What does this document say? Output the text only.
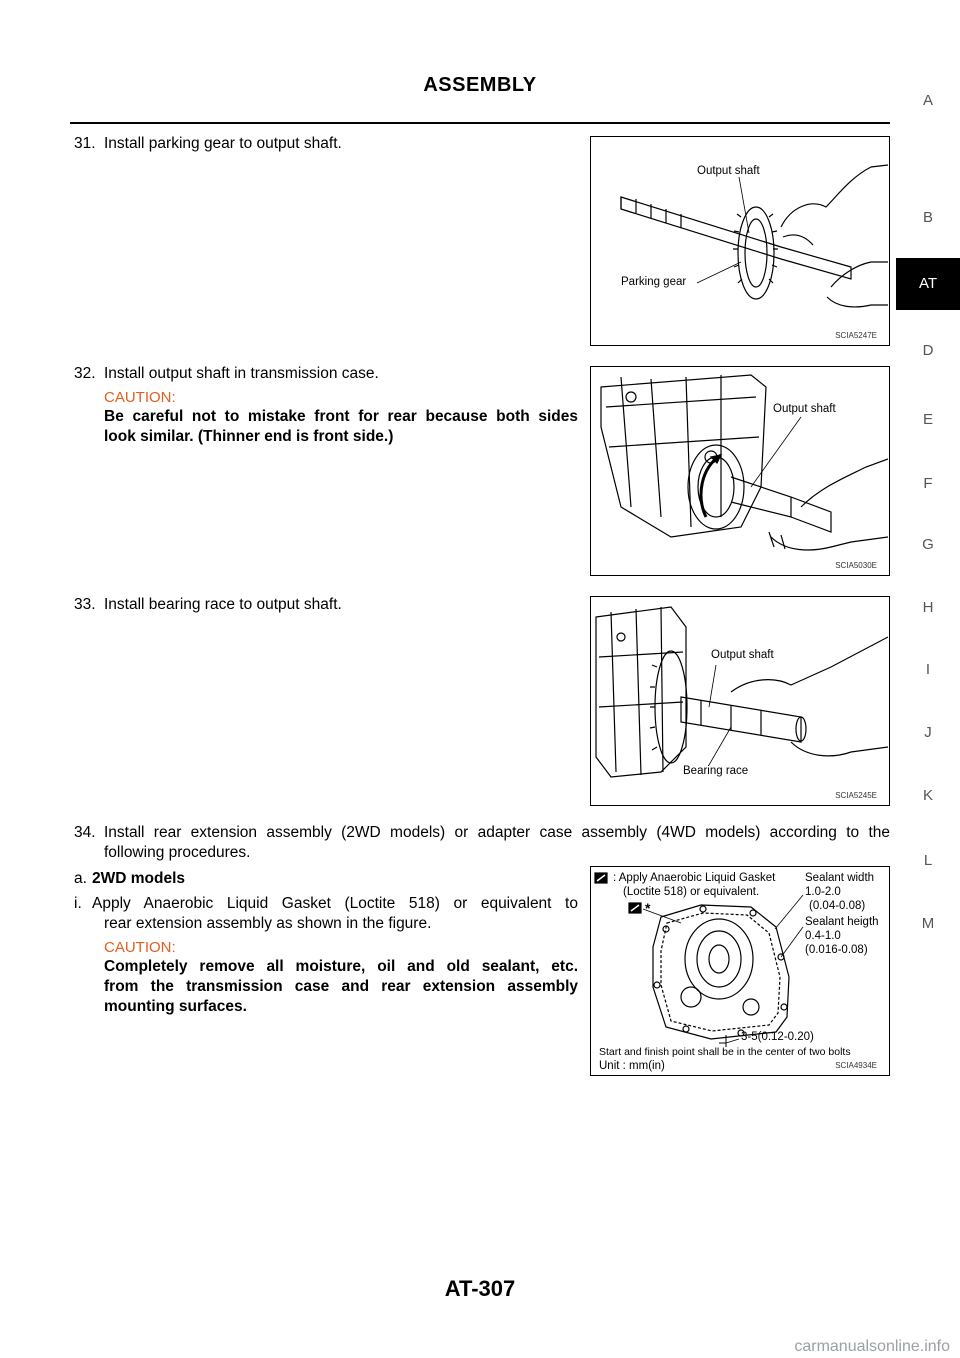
ASSEMBLY
A
B
AT
D
E
F
G
H
I
J
K
L
M
31. Install parking gear to output shaft.
32. Install output shaft in transmission case.
CAUTION:
Be careful not to mistake front for rear because both sides
look similar. (Thinner end is front side.)
33. Install bearing race to output shaft.
34. Install rear extension assembly (2WD models) or adapter case assembly (4WD models) according to the
following procedures.
a. 2WD models
i. Apply Anaerobic Liquid Gasket (Loctite 518) or equivalent to
rear extension assembly as shown in the figure.
CAUTION:
Completely remove all moisture, oil and old sealant, etc.
from the transmission case and rear extension assembly
mounting surfaces.
Output shaft
Parking gear
SCIA5247E
Output shaft
SCIA5030E
Output shaft
Bearing race
SCIA5245E
* : Apply Anaerobic Liquid Gasket
(Loctite 518) or equivalent.
*
Sealant width
1.0-2.0
(0.04-0.08)
Sealant heigth
0.4-1.0
(0.016-0.08)
3-5(0.12-0.20)
Start and finish point shall be in the center of two bolts
Unit : mm(in)	SCIA4934E
AT-307
carmanualsonline.info
